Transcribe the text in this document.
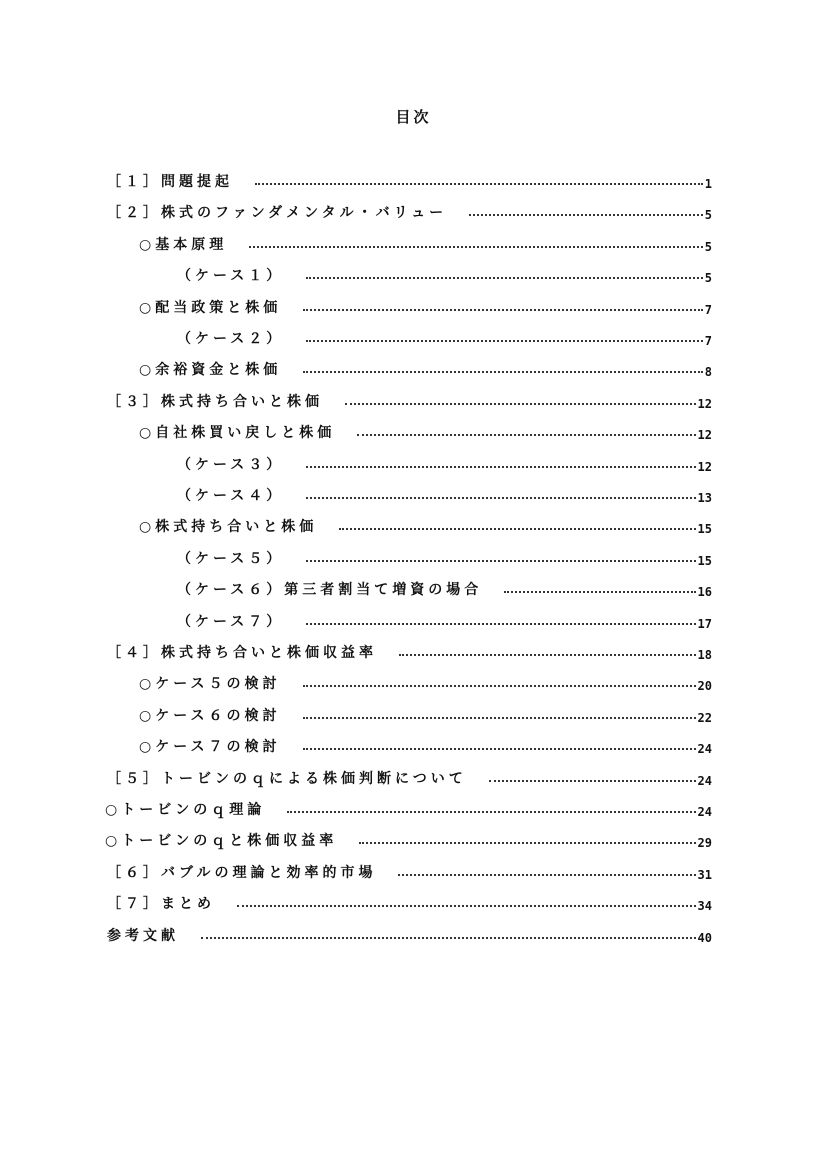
目次
［１］問題提起	1
［２］株式のファンダメンタル・バリュー	5
○基本原理	5
（ケース１）	5
○配当政策と株価	7
（ケース２）	7
○余裕資金と株価	8
［３］株式持ち合いと株価	12
○自社株買い戻しと株価	12
（ケース３）	12
（ケース４）	13
○株式持ち合いと株価	15
（ケース５）	15
（ケース６）第三者割当て増資の場合	16
（ケース７）	17
［４］株式持ち合いと株価収益率	18
○ケース５の検討	20
○ケース６の検討	22
○ケース７の検討	24
［５］トービンのｑによる株価判断について	24
○トービンのｑ理論	24
○トービンのｑと株価収益率	29
［６］バブルの理論と効率的市場	31
［７］まとめ	34
参考文献	40
